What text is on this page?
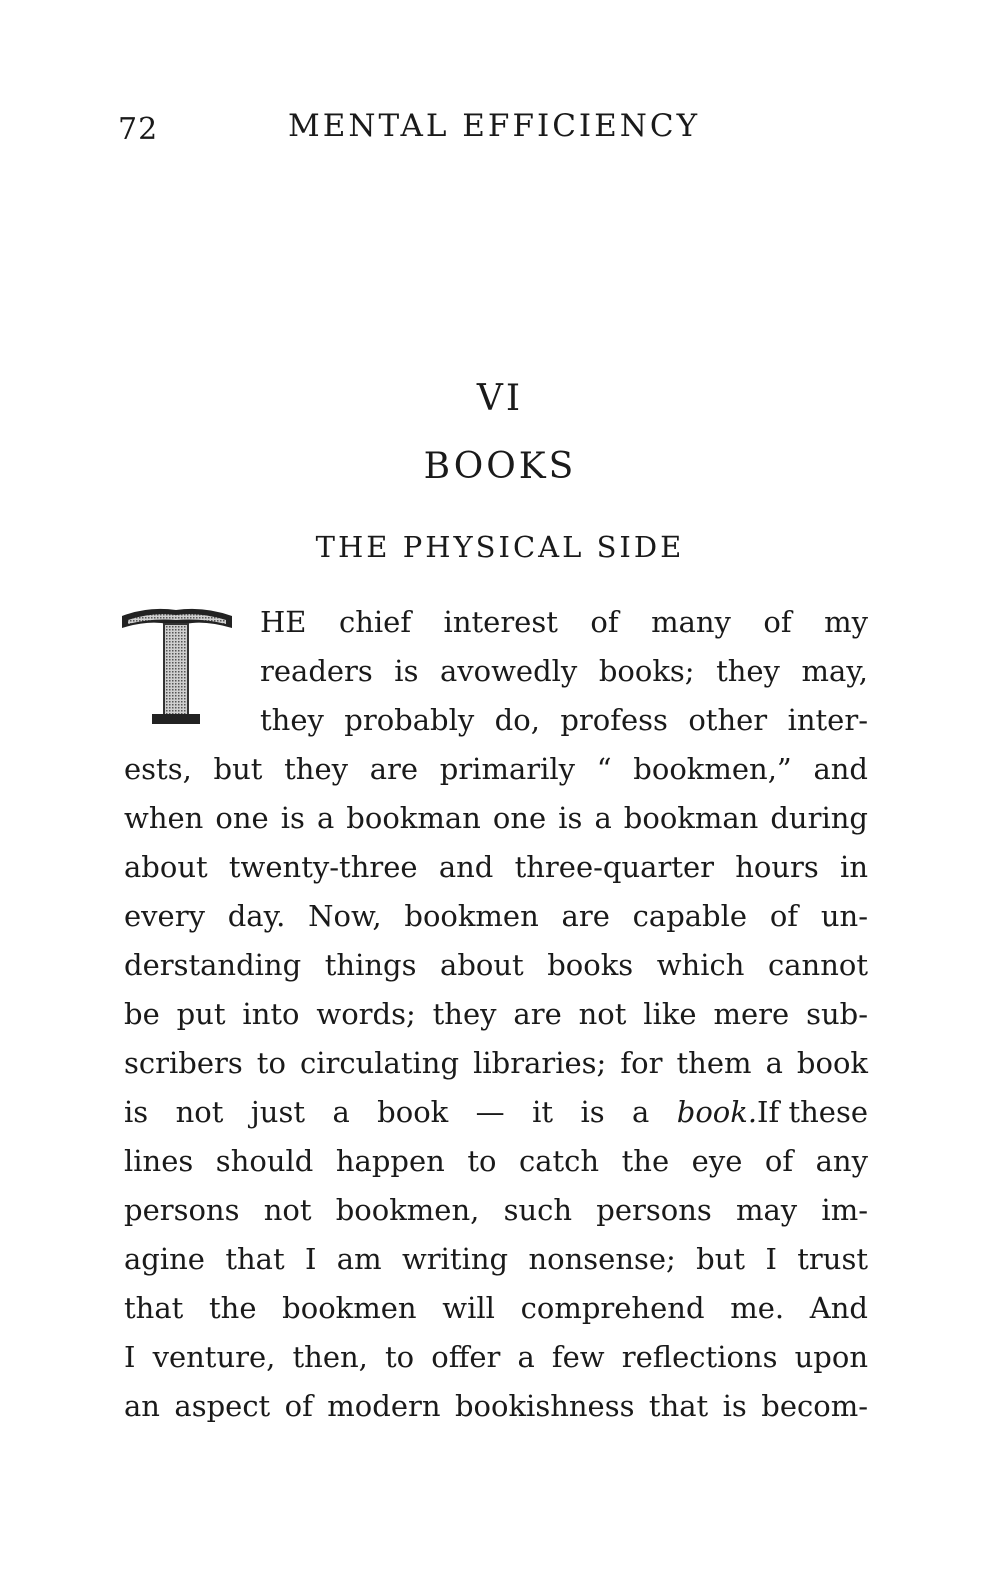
72	MENTAL EFFICIENCY
VI
BOOKS
THE PHYSICAL SIDE
HE chief interest of many of my
readers is avowedly books; they may,
they probably do, profess other inter-
ests, but they are primarily “ bookmen,” and
when one is a bookman one is a bookman during
about twenty-three and three-quarter hours in
every day. Now, bookmen are capable of un-
derstanding things about books which cannot
be put into words; they are not like mere sub-
scribers to circulating libraries; for them a book
is not just a book — it is a book. If these
lines should happen to catch the eye of any
persons not bookmen, such persons may im-
agine that I am writing nonsense; but I trust
that the bookmen will comprehend me. And
I venture, then, to offer a few reflections upon
an aspect of modern bookishness that is becom-
